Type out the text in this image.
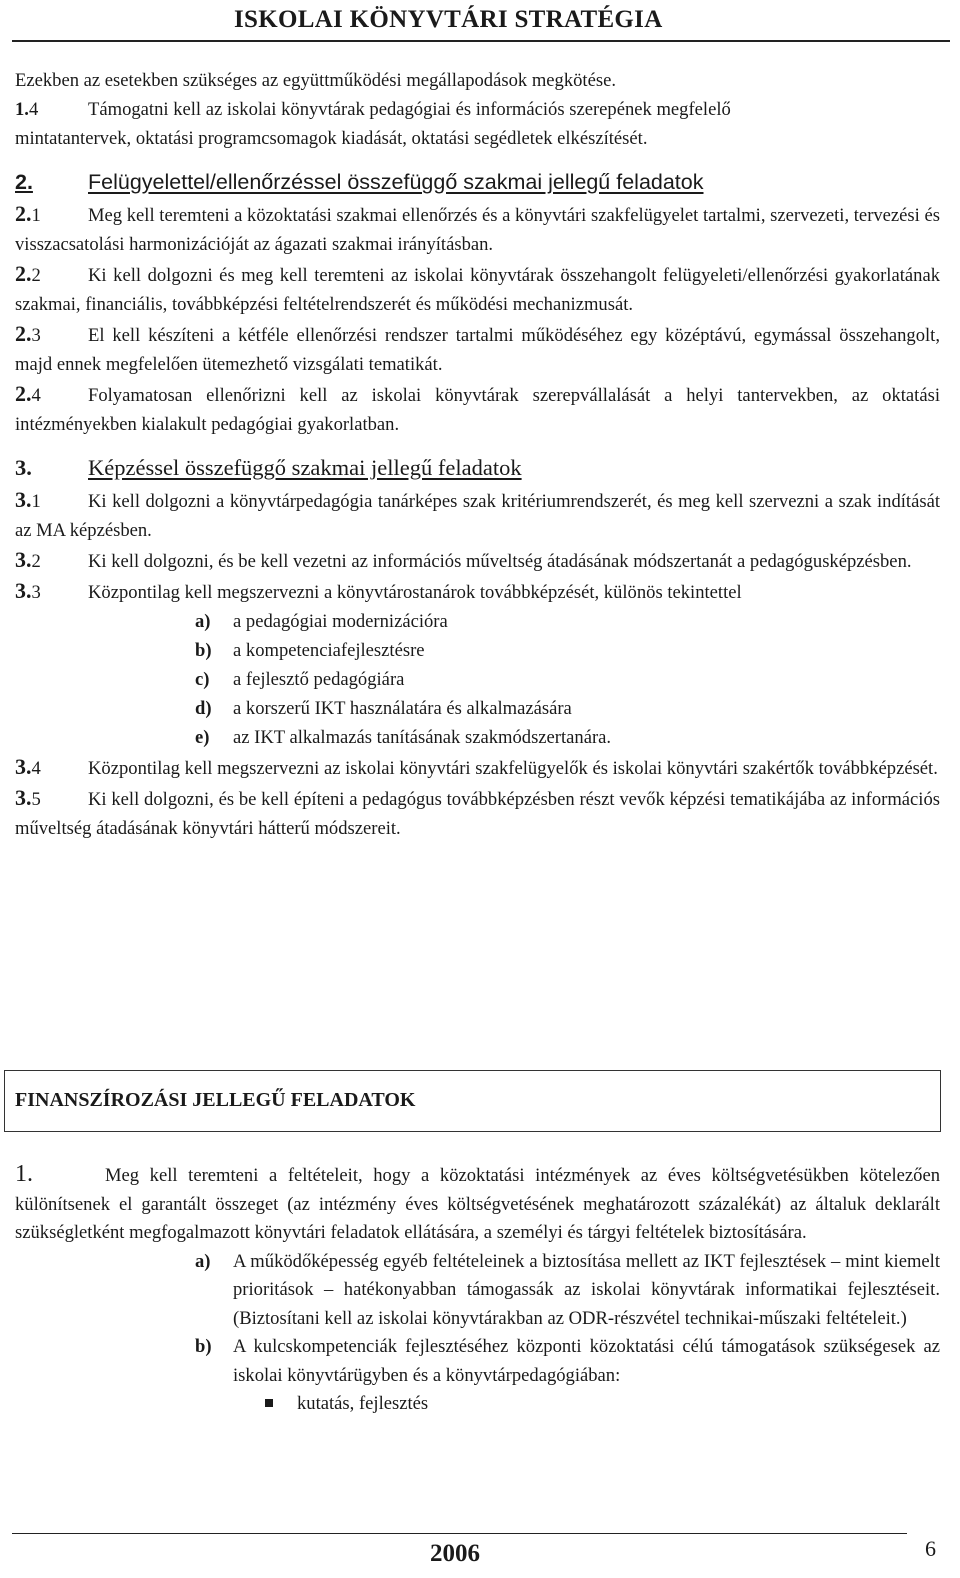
ISKOLAI KÖNYVTÁRI STRATÉGIA
Ezekben az esetekben szükséges az együttműködési megállapodások megkötése.
1.4	Támogatni kell az iskolai könyvtárak pedagógiai és információs szerepének megfelelő
mintatantervek, oktatási programcsomagok kiadását, oktatási segédletek elkészítését.
2.	Felügyelettel/ellenőrzéssel összefüggő szakmai jellegű feladatok
2.1	Meg kell teremteni a közoktatási szakmai ellenőrzés és a könyvtári szakfelügyelet tartalmi, szervezeti, tervezési és visszacsatolási harmonizációját az ágazati szakmai irányításban.
2.2	Ki kell dolgozni és meg kell teremteni az iskolai könyvtárak összehangolt felügyeleti/ellenőrzési gyakorlatának szakmai, financiális, továbbképzési feltételrendszerét és működési mechanizmusát.
2.3	El kell készíteni a kétféle ellenőrzési rendszer tartalmi működéséhez egy középtávú, egymással összehangolt, majd ennek megfelelően ütemezhető vizsgálati tematikát.
2.4	Folyamatosan ellenőrizni kell az iskolai könyvtárak szerepvállalását a helyi tantervekben, az oktatási intézményekben kialakult pedagógiai gyakorlatban.
3. Képzéssel összefüggő szakmai jellegű feladatok
3.1	Ki kell dolgozni a könyvtárpedagógia tanárképes szak kritériumrendszerét, és meg kell szervezni a szak indítását az MA képzésben.
3.2	Ki kell dolgozni, és be kell vezetni az információs műveltség átadásának módszertanát a pedagógusképzésben.
3.3	Központilag kell megszervezni a könyvtárostanárok továbbképzését, különös tekintettel
a) a pedagógiai modernizációra
b) a kompetenciafejlesztésre
c) a fejlesztő pedagógiára
d) a korszerű IKT használatára és alkalmazására
e) az IKT alkalmazás tanításának szakmódszertanára.
3.4	Központilag kell megszervezni az iskolai könyvtári szakfelügyelők és iskolai könyvtári szakértők továbbképzését.
3.5	Ki kell dolgozni, és be kell építeni a pedagógus továbbképzésben részt vevők képzési tematikájába az információs műveltség átadásának könyvtári hátterű módszereit.
FINANSZÍROZÁSI JELLEGŰ FELADATOK
1.	Meg kell teremteni a feltételeit, hogy a közoktatási intézmények az éves költségvetésükben kötelezően különítsenek el garantált összeget (az intézmény éves költségvetésének meghatározott százalékát) az általuk deklarált szükségletként megfogalmazott könyvtári feladatok ellátására, a személyi és tárgyi feltételek biztosítására.
a)	A működőképesség egyéb feltételeinek a biztosítása mellett az IKT fejlesztések – mint kiemelt prioritások – hatékonyabban támogassák az iskolai könyvtárak informatikai fejlesztéseit. (Biztosítani kell az iskolai könyvtárakban az ODR-részvétel technikai-műszaki feltételeit.)
b)	A kulcskompetenciák fejlesztéséhez központi közoktatási célú támogatások szükségesek az iskolai könyvtárügyben és a könyvtárpedagógiában:
kutatás, fejlesztés
2006	6
